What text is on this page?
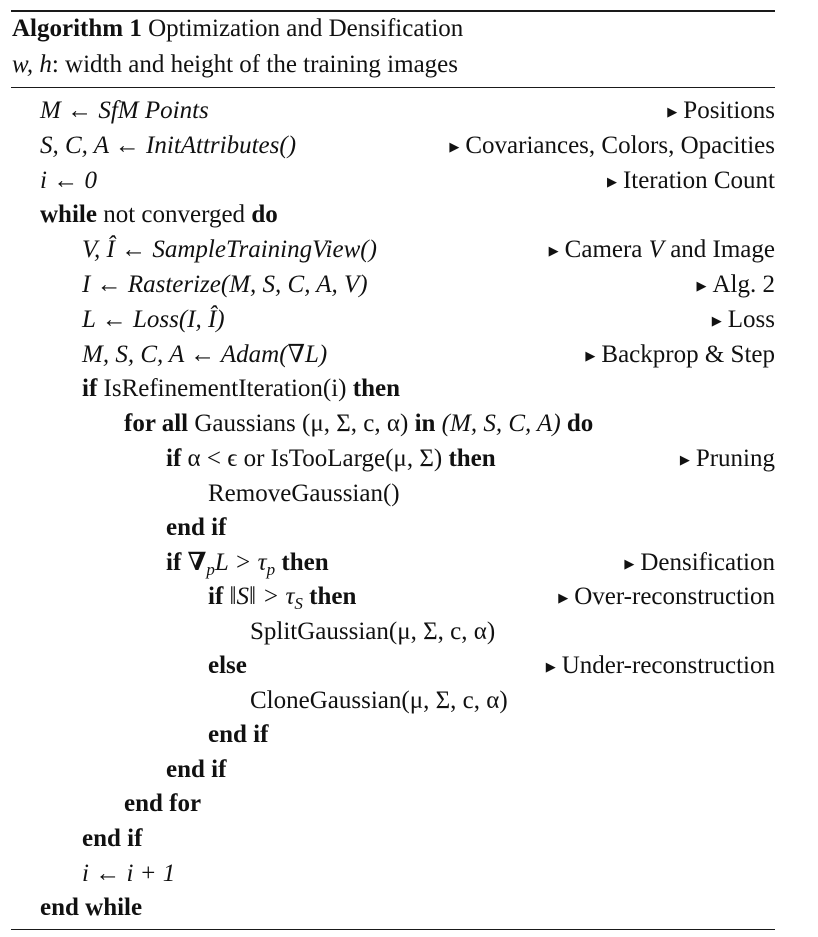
Algorithm 1 Optimization and Densification
w, h: width and height of the training images
M ← SfM Points	▶ Positions
S, C, A ← InitAttributes()	▶ Covariances, Colors, Opacities
i ← 0	▶ Iteration Count
while not converged do
V, Î ← SampleTrainingView()	▶ Camera V and Image
I ← Rasterize(M, S, C, A, V)	▶ Alg. 2
L ← Loss(I, Î)	▶ Loss
M, S, C, A ← Adam(∇L)	▶ Backprop & Step
if IsRefinementIteration(i) then
for all Gaussians (μ, Σ, c, α) in (M, S, C, A) do
if α < ϵ or IsTooLarge(μ, Σ) then	▶ Pruning
RemoveGaussian()
end if
if $\nabla_pL > \tau_p$ then	▶ Densification
if ‖S‖ > $\tau_S$ then	▶ Over-reconstruction
SplitGaussian(μ, Σ, c, α)
else	▶ Under-reconstruction
CloneGaussian(μ, Σ, c, α)
end if
end if
end for
end if
i ← i + 1
end while
